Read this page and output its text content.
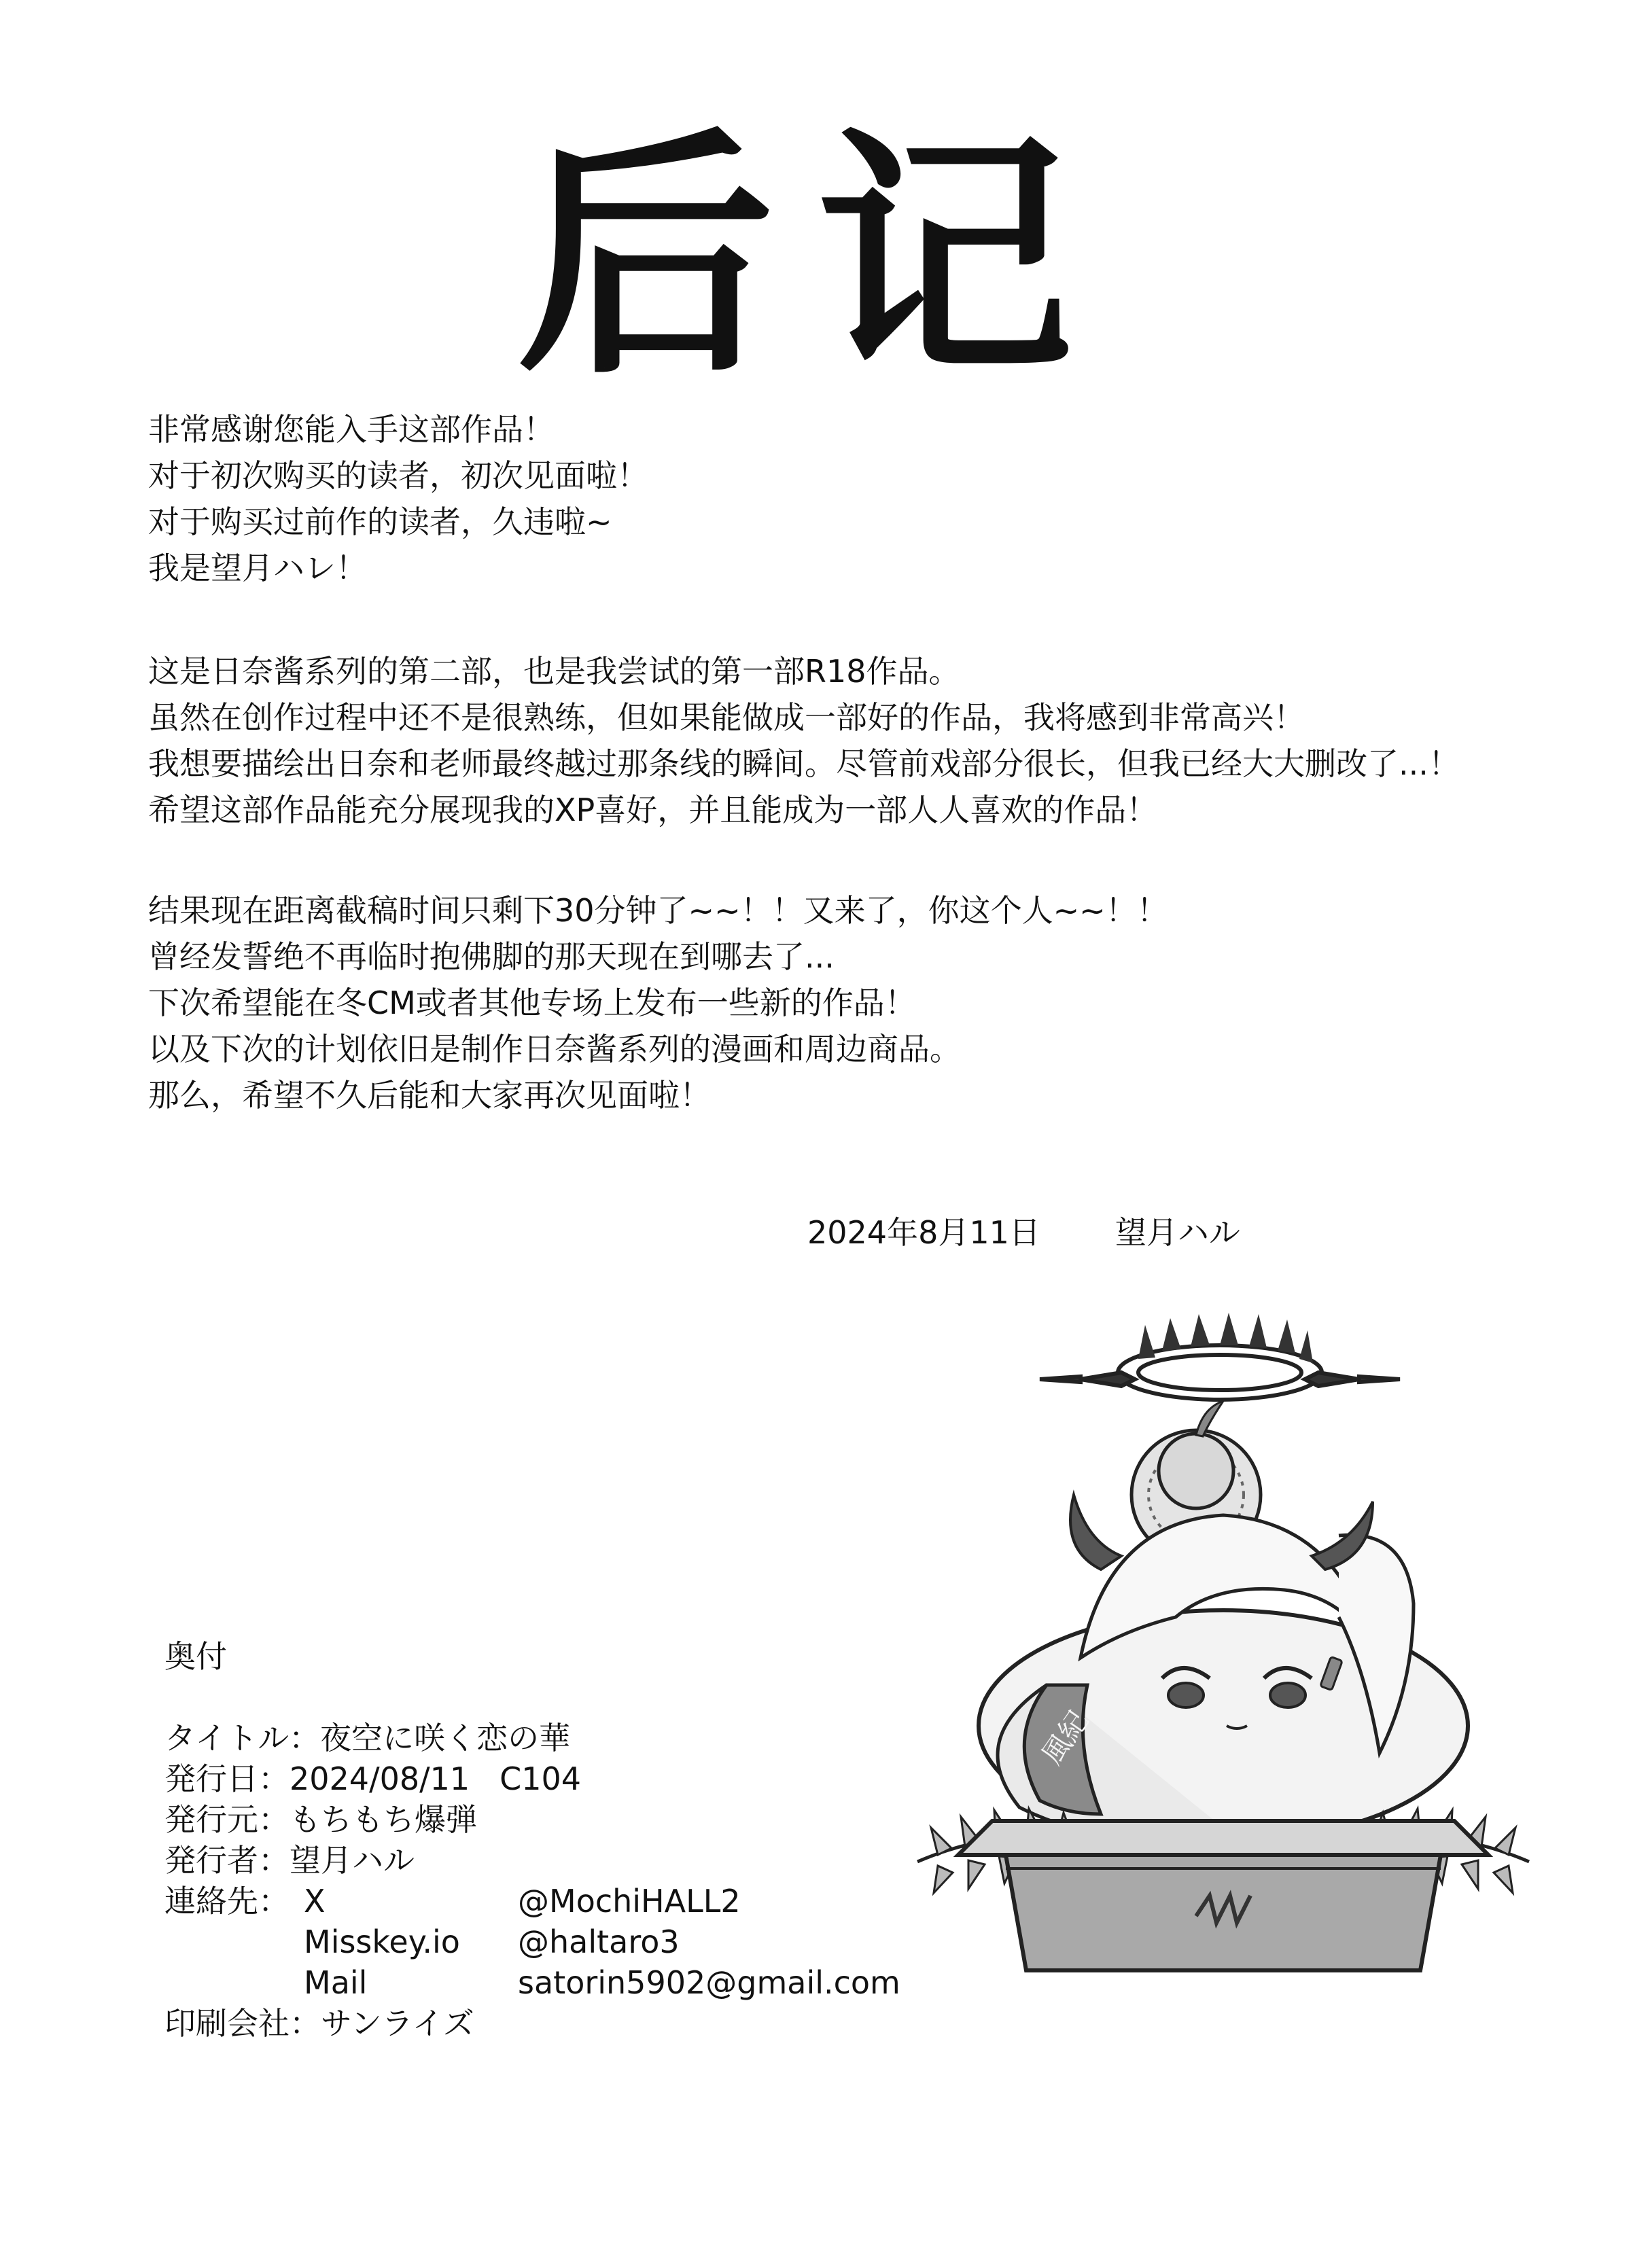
后记
非常感谢您能入手这部作品！
对于初次购买的读者，初次见面啦！
对于购买过前作的读者，久违啦~
我是望月ハレ！
这是日奈酱系列的第二部，也是我尝试的第一部R18作品。
虽然在创作过程中还不是很熟练，但如果能做成一部好的作品，我将感到非常高兴！
我想要描绘出日奈和老师最终越过那条线的瞬间。尽管前戏部分很长，但我已经大大删改了...！
希望这部作品能充分展现我的XP喜好，并且能成为一部人人喜欢的作品！
结果现在距离截稿时间只剩下30分钟了~~！！又来了，你这个人~~！！
曾经发誓绝不再临时抱佛脚的那天现在到哪去了...
下次希望能在冬CM或者其他专场上发布一些新的作品！
以及下次的计划依旧是制作日奈酱系列的漫画和周边商品。
那么，希望不久后能和大家再次见面啦！
2024年8月11日 望月ハル
奥付
タイトル：夜空に咲く恋の華
発行日：2024/08/11 C104
発行元：もちもち爆弾
発行者：望月ハル
連絡先： X	@MochiHALL2
Misskey.io @haltaro3
Mail	satorin5902@gmail.com
印刷会社：サンライズ
風紀
